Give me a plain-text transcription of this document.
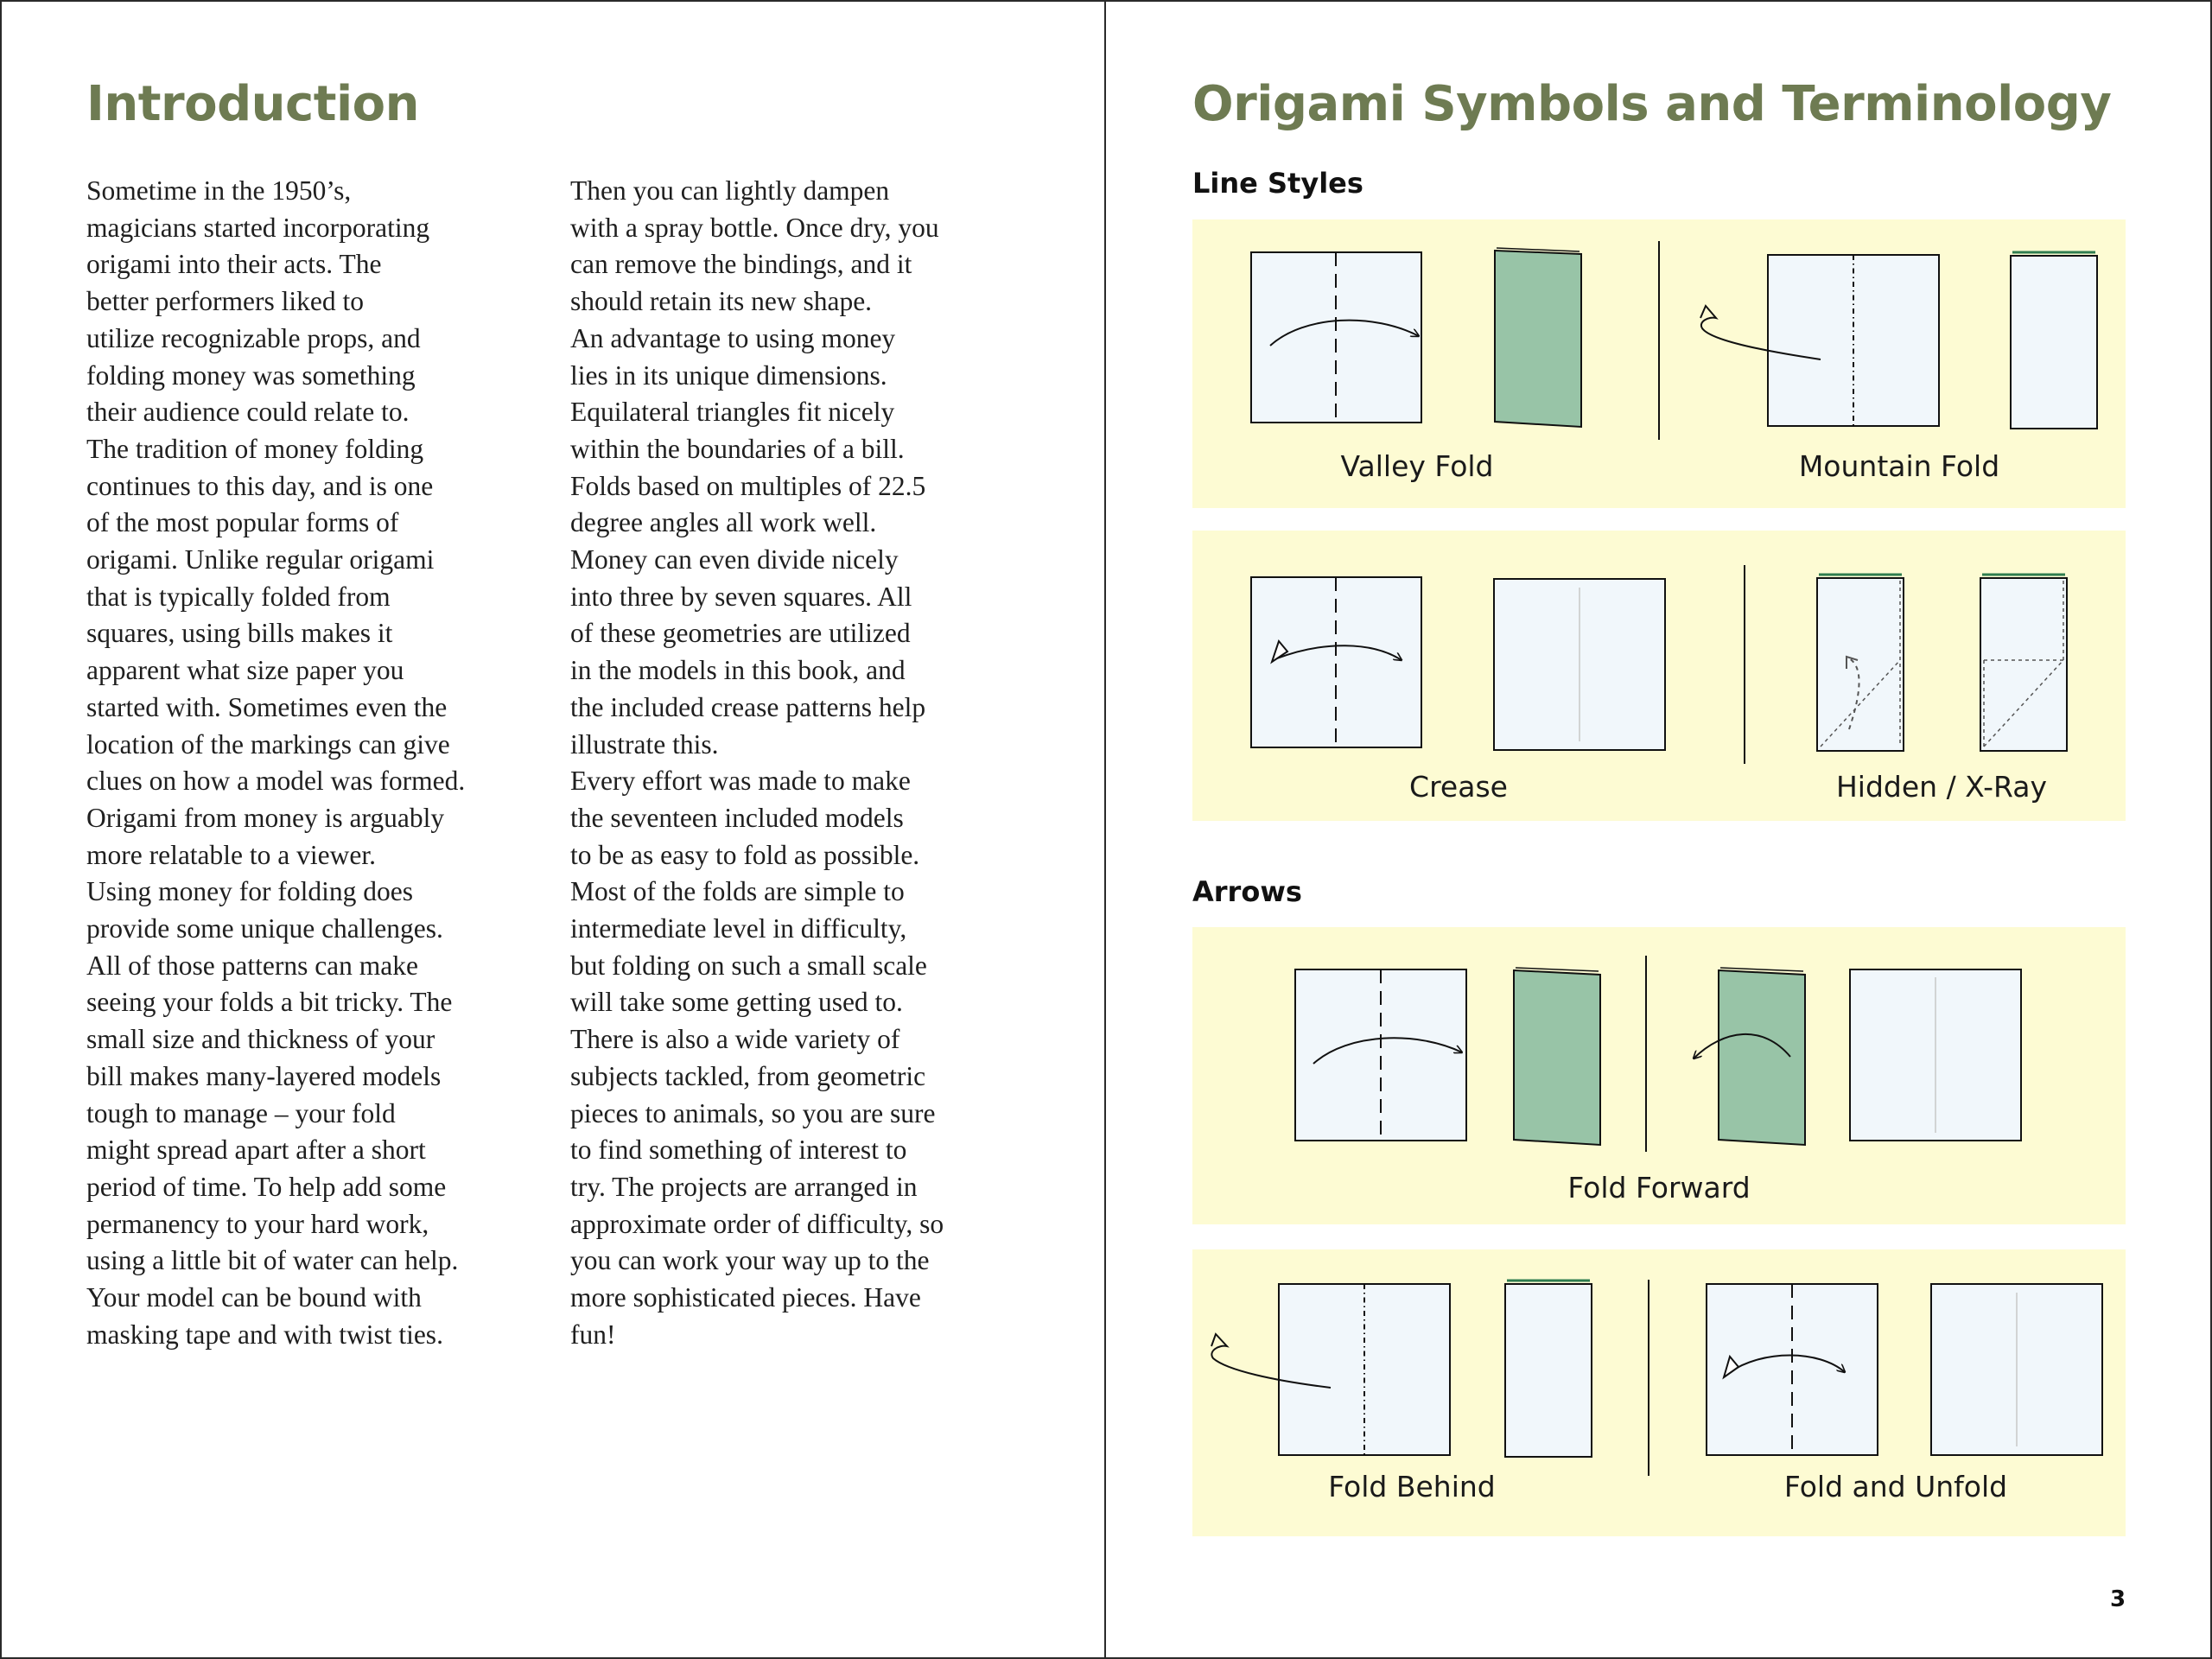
Introduction

Sometime in the 1950’s,

magicians started incorporating

origami into their acts. The

better performers liked to

utilize recognizable props, and

folding money was something

their audience could relate to.

The tradition of money folding

continues to this day, and is one

of the most popular forms of

origami. Unlike regular origami

that is typically folded from

squares, using bills makes it

apparent what size paper you

started with. Sometimes even the

location of the markings can give

clues on how a model was formed.

Origami from money is arguably

more relatable to a viewer.

Using money for folding does

provide some unique challenges.

All of those patterns can make

seeing your folds a bit tricky. The

small size and thickness of your

bill makes many-layered models

tough to manage – your fold

might spread apart after a short

period of time. To help add some

permanency to your hard work,

using a little bit of water can help.

Your model can be bound with

masking tape and with twist ties.

Then you can lightly dampen

with a spray bottle. Once dry, you

can remove the bindings, and it

should retain its new shape.

An advantage to using money

lies in its unique dimensions.

Equilateral triangles fit nicely

within the boundaries of a bill.

Folds based on multiples of 22.5

degree angles all work well.

Money can even divide nicely

into three by seven squares. All

of these geometries are utilized

in the models in this book, and

the included crease patterns help

illustrate this.

Every effort was made to make

the seventeen included models

to be as easy to fold as possible.

Most of the folds are simple to

intermediate level in difficulty,

but folding on such a small scale

will take some getting used to.

There is also a wide variety of

subjects tackled, from geometric

pieces to animals, so you are sure

to find something of interest to

try. The projects are arranged in

approximate order of difficulty, so

you can work your way up to the

more sophisticated pieces. Have

fun!

Origami Symbols and Terminology
Line Styles
Valley Fold	Mountain Fold
Crease	Hidden / X-Ray
Arrows
Fold Forward
Fold Behind	Fold and Unfold
3
